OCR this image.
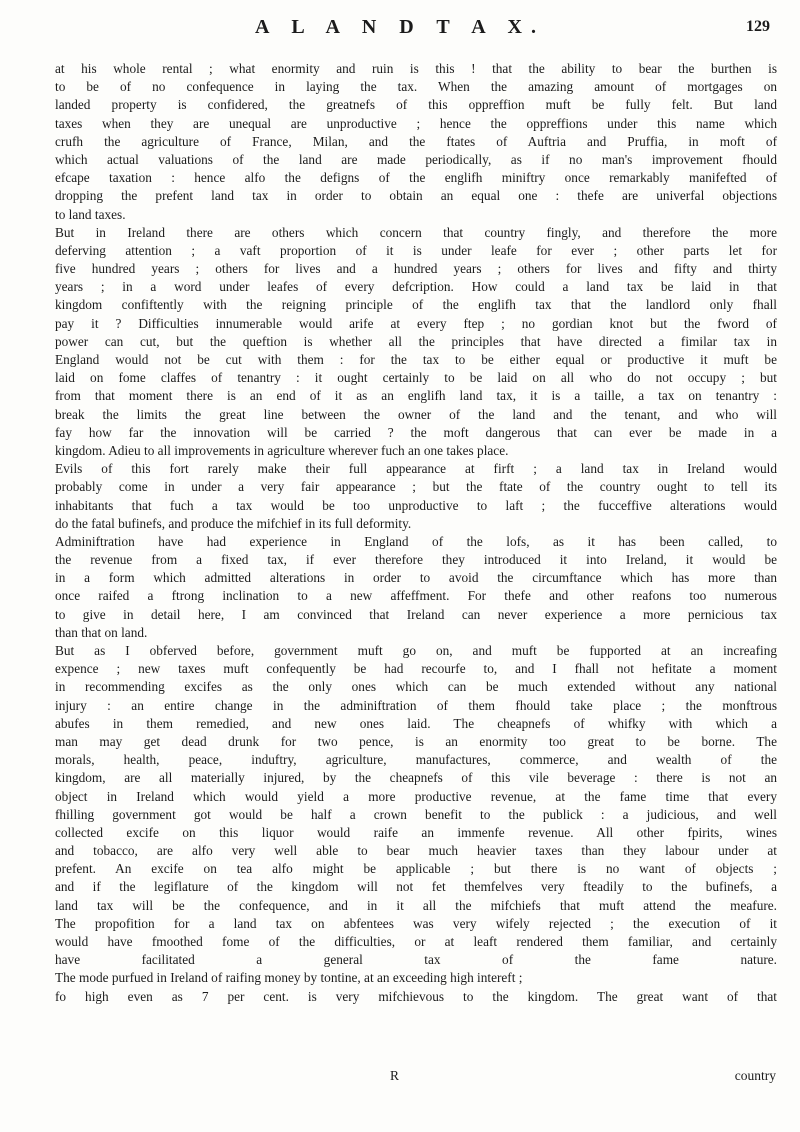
A L A N D T A X.	129
at his whole rental ; what enormity and ruin is this ! that the ability to bear the burthen is
to be of no confequence in laying the tax. When the amazing amount of mortgages on
landed property is confidered, the greatnefs of this oppreffion muft be fully felt. But land
taxes when they are unequal are unproductive ; hence the oppreffions under this name which
crufh the agriculture of France, Milan, and the ftates of Auftria and Pruffia, in moft of
which actual valuations of the land are made periodically, as if no man's improvement fhould
efcape taxation : hence alfo the defigns of the englifh miniftry once remarkably manifefted of
dropping the prefent land tax in order to obtain an equal one : thefe are univerfal objections
to land taxes.
But in Ireland there are others which concern that country fingly, and therefore the more
deferving attention ; a vaft proportion of it is under leafe for ever ; other parts let for
five hundred years ; others for lives and a hundred years ; others for lives and fifty and thirty
years ; in a word under leafes of every defcription. How could a land tax be laid in that
kingdom confiftently with the reigning principle of the englifh tax that the landlord only fhall
pay it ? Difficulties innumerable would arife at every ftep ; no gordian knot but the fword of
power can cut, but the queftion is whether all the principles that have directed a fimilar tax in
England would not be cut with them : for the tax to be either equal or productive it muft be
laid on fome claffes of tenantry : it ought certainly to be laid on all who do not occupy ; but
from that moment there is an end of it as an englifh land tax, it is a taille, a tax on tenantry :
break the limits the great line between the owner of the land and the tenant, and who will
fay how far the innovation will be carried ? the moft dangerous that can ever be made in a
kingdom. Adieu to all improvements in agriculture wherever fuch an one takes place.
Evils of this fort rarely make their full appearance at firft ; a land tax in Ireland would
probably come in under a very fair appearance ; but the ftate of the country ought to tell its
inhabitants that fuch a tax would be too unproductive to laft ; the fucceffive alterations would
do the fatal bufinefs, and produce the mifchief in its full deformity.
Adminiftration have had experience in England of the lofs, as it has been called, to
the revenue from a fixed tax, if ever therefore they introduced it into Ireland, it would be
in a form which admitted alterations in order to avoid the circumftance which has more than
once raifed a ftrong inclination to a new affeffment. For thefe and other reafons too numerous
to give in detail here, I am convinced that Ireland can never experience a more pernicious tax
than that on land.
But as I obferved before, government muft go on, and muft be fupported at an increafing
expence ; new taxes muft confequently be had recourfe to, and I fhall not hefitate a moment
in recommending excifes as the only ones which can be much extended without any national
injury : an entire change in the adminiftration of them fhould take place ; the monftrous
abufes in them remedied, and new ones laid. The cheapnefs of whifky with which a
man may get dead drunk for two pence, is an enormity too great to be borne. The
morals, health, peace, induftry, agriculture, manufactures, commerce, and wealth of the
kingdom, are all materially injured, by the cheapnefs of this vile beverage : there is not an
object in Ireland which would yield a more productive revenue, at the fame time that every
fhilling government got would be half a crown benefit to the publick : a judicious, and well
collected excife on this liquor would raife an immenfe revenue. All other fpirits, wines
and tobacco, are alfo very well able to bear much heavier taxes than they labour under at
prefent. An excife on tea alfo might be applicable ; but there is no want of objects ;
and if the legiflature of the kingdom will not fet themfelves very fteadily to the bufinefs, a
land tax will be the confequence, and in it all the mifchiefs that muft attend the meafure.
The propofition for a land tax on abfentees was very wifely rejected ; the execution of it
would have fmoothed fome of the difficulties, or at leaft rendered them familiar, and certainly
have facilitated a general tax of the fame nature.
The mode purfued in Ireland of raifing money by tontine, at an exceeding high intereft ;
fo high even as 7 per cent. is very mifchievous to the kingdom. The great want of that
R	country
